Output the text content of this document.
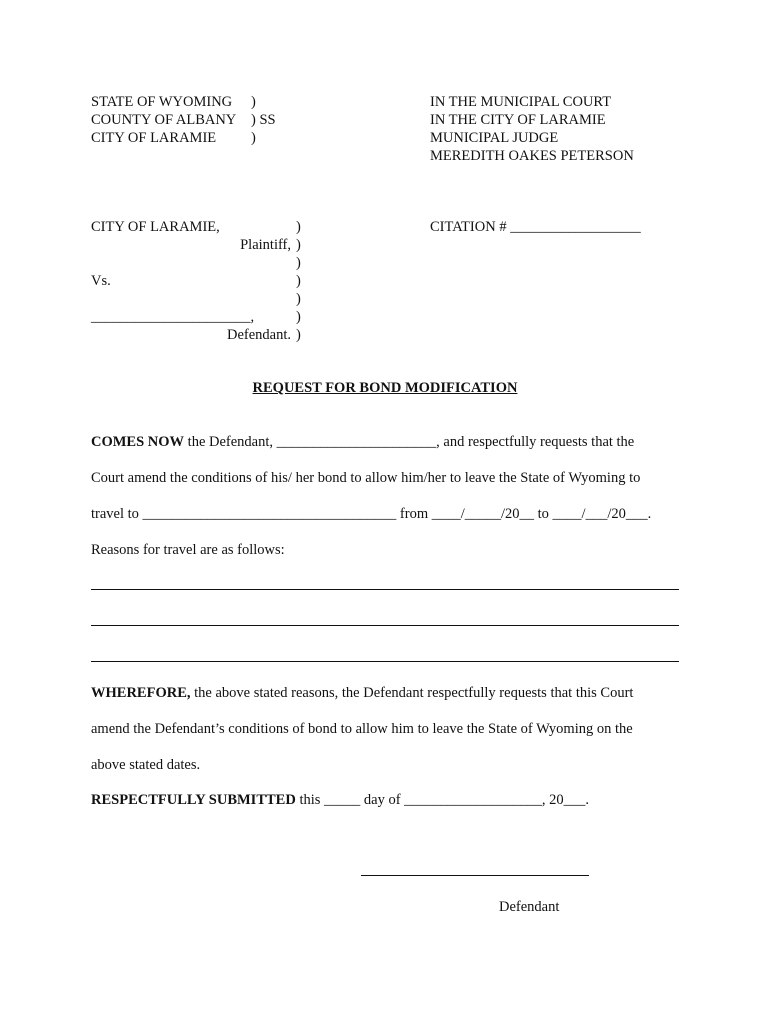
STATE OF WYOMING )
COUNTY OF ALBANY ) SS
CITY OF LARAMIE )
IN THE MUNICIPAL COURT
IN THE CITY OF LARAMIE
MUNICIPAL JUDGE
MEREDITH OAKES PETERSON
CITY OF LARAMIE,	)
Plaintiff, )
)
Vs.	)
)
______________________,	)
Defendant. )
CITATION # __________________
REQUEST FOR BOND MODIFICATION
COMES NOW the Defendant, ______________________, and respectfully requests that the
Court amend the conditions of his/ her bond to allow him/her to leave the State of Wyoming to
travel to ___________________________________ from ____/_____/20__ to ____/___/20___.
Reasons for travel are as follows:
WHEREFORE, the above stated reasons, the Defendant respectfully requests that this Court
amend the Defendant’s conditions of bond to allow him to leave the State of Wyoming on the
above stated dates.
RESPECTFULLY SUBMITTED this _____ day of ___________________, 20___.
Defendant
